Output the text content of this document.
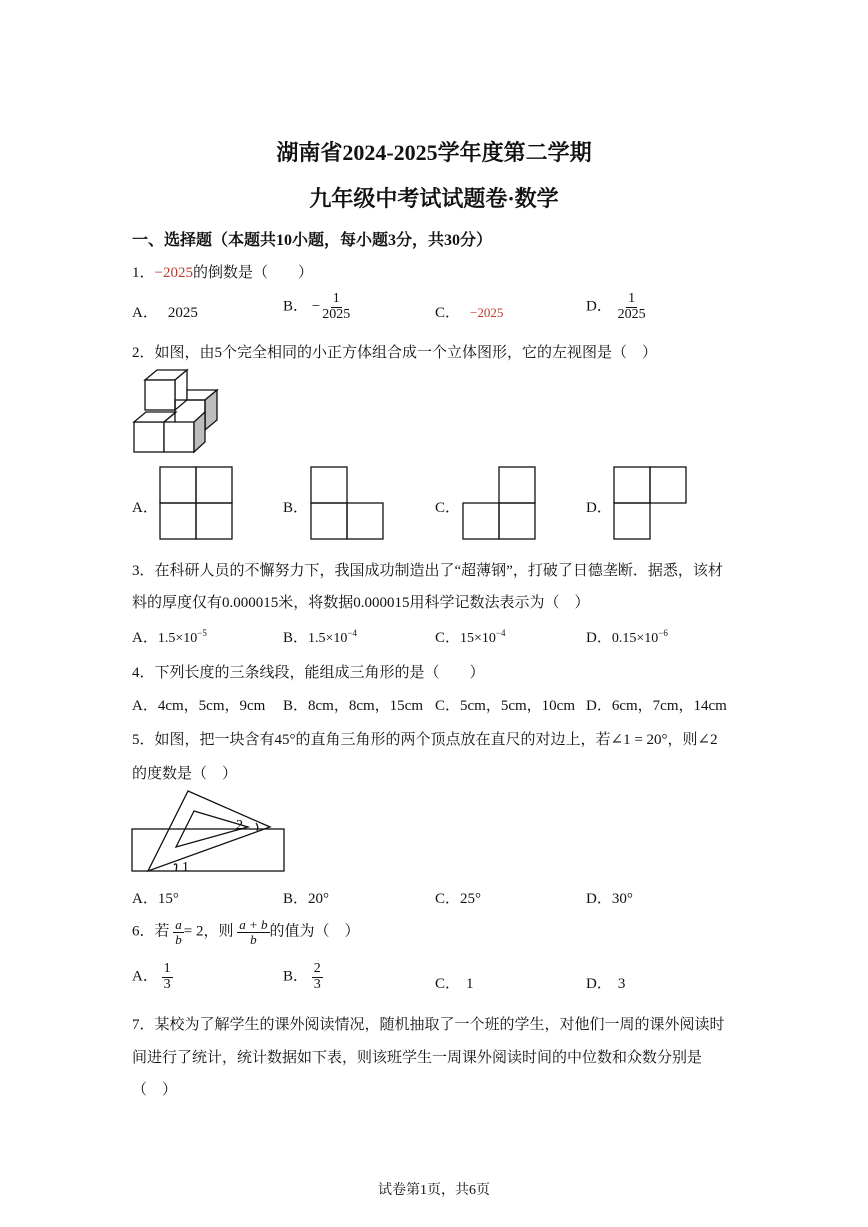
湖南省2024-2025学年度第二学期
九年级中考试试题卷·数学
一、选择题（本题共10小题，每小题3分，共30分）
1．−2025的倒数是（　　）
A． 2025	B． − $\frac{1}{2025}$	C． −2025	D． $\frac{1}{2025}$
2．如图，由5个完全相同的小正方体组合成一个立体图形，它的左视图是（　）
A．	B．	C．	D．
3．在科研人员的不懈努力下，我国成功制造出了“超薄钢”，打破了日德垄断．据悉，该材
料的厚度仅有0.000015米，将数据0.000015用科学记数法表示为（　）
A．$1.5\times 10^{-5}$	B．$1.5\times 10^{-4}$	C．$15\times 10^{-4}$	D．$0.15\times 10^{-6}$
4．下列长度的三条线段，能组成三角形的是（　　）
A．4cm，5cm，9cm B．8cm，8cm，15cm C．5cm，5cm，10cm D．6cm，7cm，14cm
5．如图，把一块含有45°的直角三角形的两个顶点放在直尺的对边上，若∠1 = 20°，则∠2
的度数是（　）
1
2
A．15°	B．20°	C．25°	D．30°
6．若 $\frac{a}{b} = 2$，则 $\frac{a + b}{b}$ 的值为（　）
A． $\frac{1}{3}$	B． $\frac{2}{3}$	C． 1	D． 3
7．某校为了解学生的课外阅读情况，随机抽取了一个班的学生，对他们一周的课外阅读时
间进行了统计，统计数据如下表，则该班学生一周课外阅读时间的中位数和众数分别是
（　）
试卷第1页，共6页
